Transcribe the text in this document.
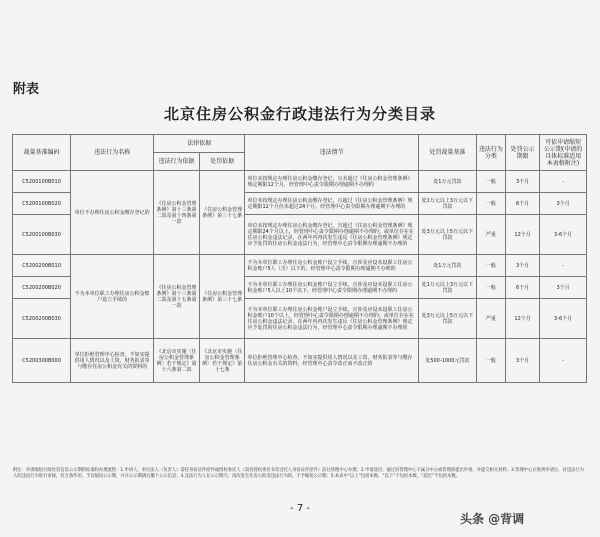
附表
北京住房公积金行政违法行为分类目录
裁量基准编码	违法行为名称	法律依据		违法情节	处罚裁量基准	违法行为分类	处罚公示期限	可依申请缩短公示期(申请的具体标准适用本表格附注)
		违法行为依据	处罚依据					
C5200100B010	单位不办理住房公积金缴存登记的	《住房公积金管理条例》第十三条第二款及第十四条第一款	《住房公积金管理条例》第三十七条	单位未按规定办理住房公积金缴存登记，且未超过《住房公积金管理条例》规定期限12个月，经管理中心责令限期办理逾期不办理的	处1万元罚款	一般	3个月	-
C5200100B020				单位未按规定办理住房公积金缴存登记，且超过《住房公积金管理条例》规定期限12个月但未超过24个月，经管理中心责令限期办理逾期不办理的	处1万元以上3万元以下罚款	一般	6个月	3个月
C5200100B030				单位未按规定办理住房公积金缴存登记，且超过《住房公积金管理条例》规定期限24个月以上，经管理中心责令限期办理逾期不办理的；或单位存在在住房公积金违法记录，在两年内再次发生违反《住房公积金管理条例》规定应予处罚的住房公积金违法行为，经管理中心责令限期办理逾期不办理的	处3万元以上5万元以下罚款	严重	12个月	3-6个月
C5200200B010	不为本单位职工办理住房公积金账户设立手续的	《住房公积金管理条例》第十三条第二款及第十五条第一款	《住房公积金管理条例》第三十七条	不为本单位职工办理住房公积金账户设立手续，且涉及应设未设职工住房公积金账户5人（含）以下的，经管理中心责令限期办理逾期不办理的	处1万元罚款	一般	3个月	-
C5200200B020				不为本单位职工办理住房公积金账户设立手续，且涉及应设未设职工住房公积金账户5人以上10个以下，经管理中心责令限期办理逾期不办理的	处1万元以上3万元以下罚款	一般	6个月	3个月
C5200200B030				不为本单位职工办理住房公积金账户设立手续，且涉及应设未设职工住房公积金账户10个以上，经管理中心责令限期办理逾期不办理的；或单位存在在住房公积金违法记录，在两年内再次发生违反《住房公积金管理条例》规定应予处罚的住房公积金违法行为，经管理中心责令限期办理逾期不办理的	处3万元以上5万元以下罚款	严重	12个月	3-6个月
C5200300B000	单位拒绝管理中心检查，不如实提供用人情况以及工资、财务报表等与缴存住房公积金有关的资料的	《北京市实施〈住房公积金管理条例〉若干规定》第十六条第二款	《北京市实施〈住房公积金管理条例〉若干规定》第十七条	单位拒绝管理中心检查，不如实提供用人情况以及工资、财务报表等与缴存住房公积金有关的资料，经管理中心责令改正而不改正的	处500-1000元罚款	一般	3个月	-
附注：申请缩短行政处罚信息公示期的标准和办理流程：1.申请人，单位法人（负责人）需持身份证件原件或授权委托人（需持授权委托书及受托人身份证件原件）前往管理中心办理；2.申请途径，通过向管理中心下属分中心或管理部提出申请，并提交相关材料；3.管理中心在收到申请后，对违法行为人的违法行为进行审核，符合条件的，予以缩短公示期，并在公示期满后撤下公示信息；4.违法行为人在公示期内，再次发生住房公积金违法行为的，不予缩短公示期；5.本表中“以上”包括本数，“以下”不包括本数，“超过”不包括本数。
- 7 -
头条 @背调
